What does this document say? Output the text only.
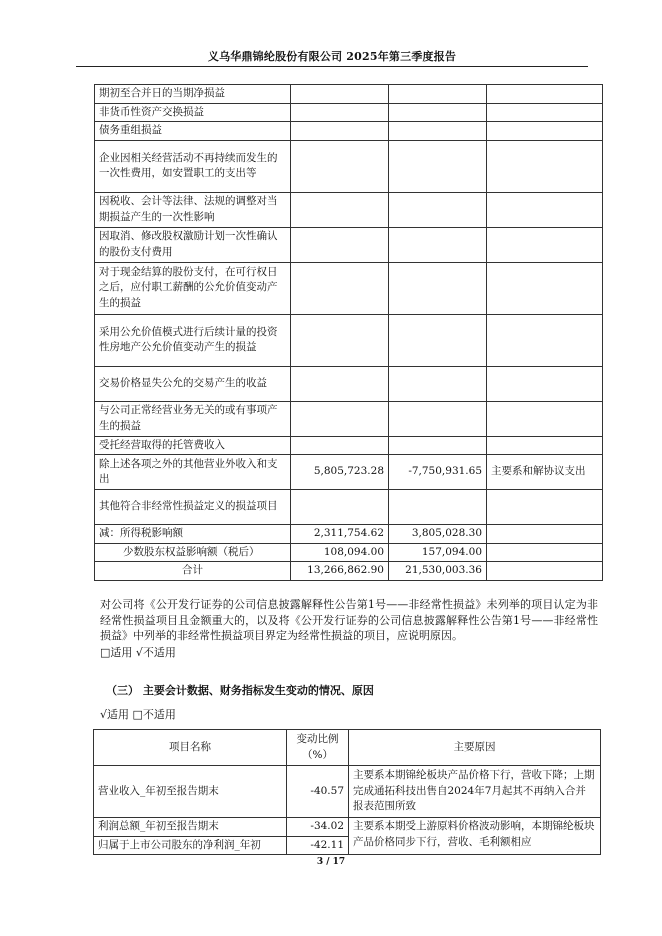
义乌华鼎锦纶股份有限公司 2025年第三季度报告
期初至合并日的当期净损益			
非货币性资产交换损益			
债务重组损益			
企业因相关经营活动不再持续而发生的一次性费用，如安置职工的支出等			
因税收、会计等法律、法规的调整对当期损益产生的一次性影响			
因取消、修改股权激励计划一次性确认的股份支付费用			
对于现金结算的股份支付，在可行权日之后，应付职工薪酬的公允价值变动产生的损益			
采用公允价值模式进行后续计量的投资性房地产公允价值变动产生的损益			
交易价格显失公允的交易产生的收益			
与公司正常经营业务无关的或有事项产生的损益			
受托经营取得的托管费收入			
除上述各项之外的其他营业外收入和支出	5,805,723.28	-7,750,931.65	主要系和解协议支出
其他符合非经常性损益定义的损益项目			
减：所得税影响额	2,311,754.62	3,805,028.30	
少数股东权益影响额（税后）	108,094.00	157,094.00	
合计	13,266,862.90	21,530,003.36	
对公司将《公开发行证券的公司信息披露解释性公告第1号——非经常性损益》未列举的项目认定为非经常性损益项目且金额重大的，以及将《公开发行证券的公司信息披露解释性公告第1号——非经常性损益》中列举的非经常性损益项目界定为经常性损益的项目，应说明原因。
□适用 √不适用
（三） 主要会计数据、财务指标发生变动的情况、原因
√适用 □不适用
项目名称	变动比例（%）	主要原因
营业收入_年初至报告期末	-40.57	主要系本期锦纶板块产品价格下行，营收下降；上期完成通拓科技出售自2024年7月起其不再纳入合并报表范围所致
利润总额_年初至报告期末	-34.02	主要系本期受上游原料价格波动影响，本期锦纶板块产品价格同步下行，营收、毛利额相应
归属于上市公司股东的净利润_年初	-42.11	
3 / 17
